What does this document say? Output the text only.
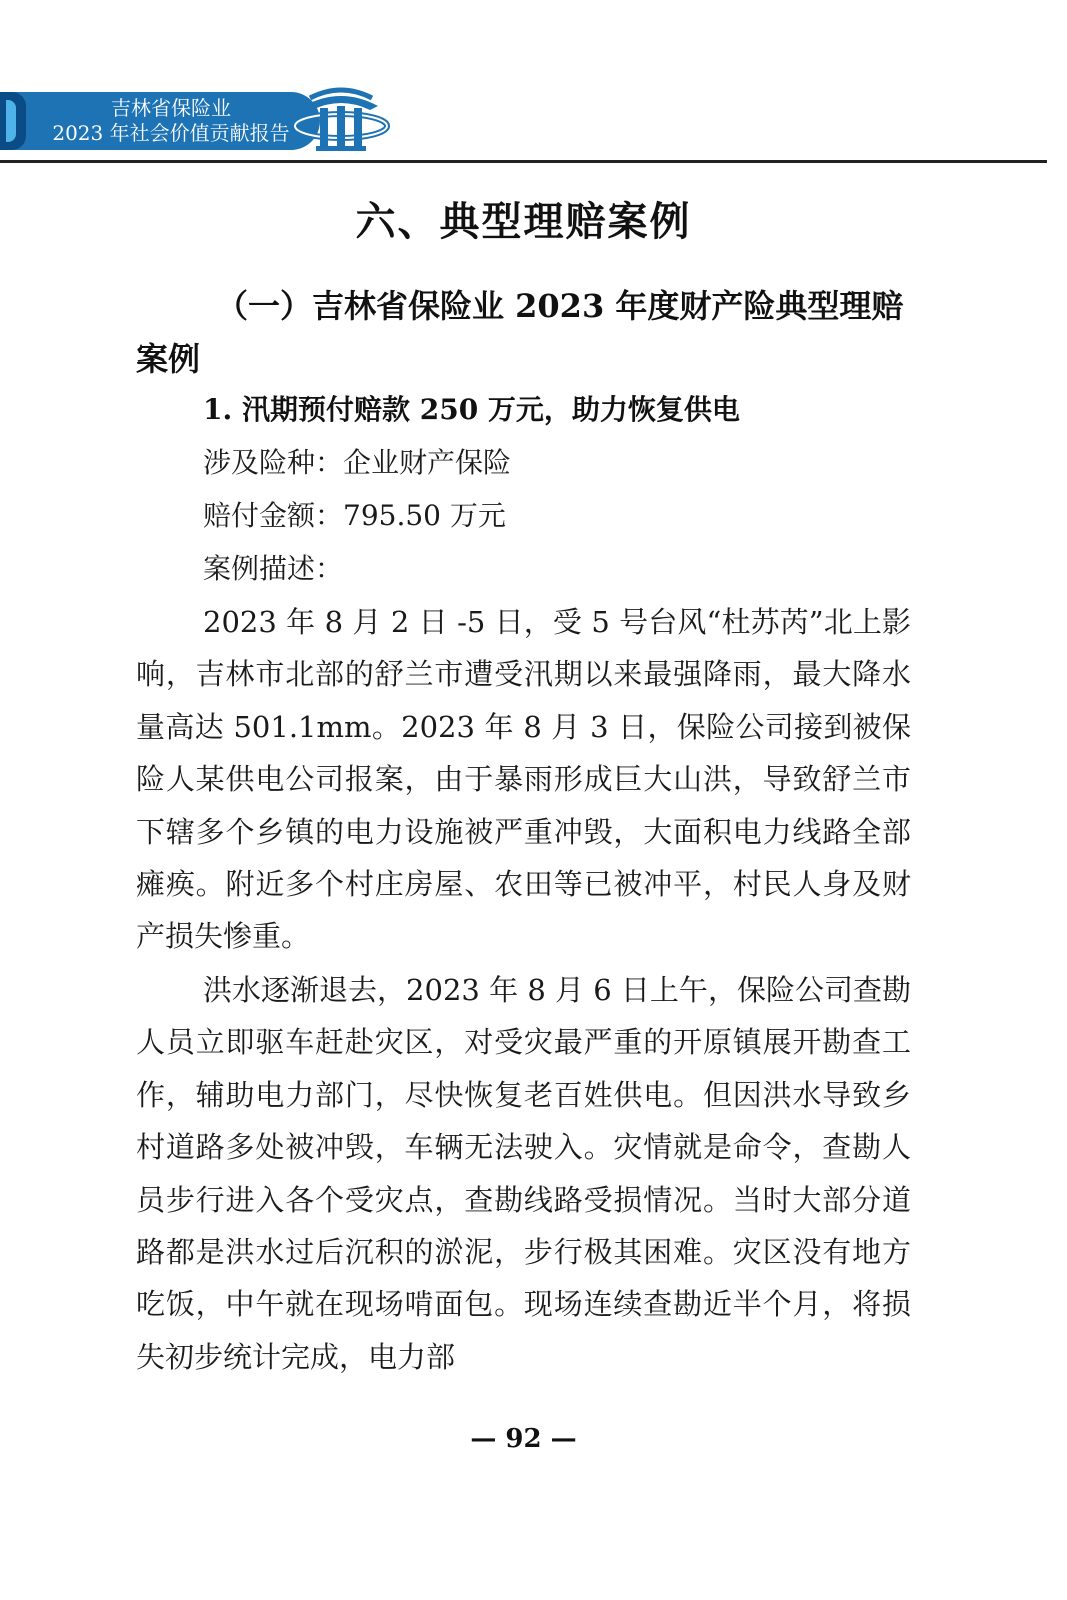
吉林省保险业
2023 年社会价值贡献报告
六、典型理赔案例
（一）吉林省保险业 2023 年度财产险典型理赔案例
1. 汛期预付赔款 250 万元，助力恢复供电
涉及险种：企业财产保险
赔付金额：795.50 万元
案例描述：

2023 年 8 月 2 日 -5 日，受 5 号台风“杜苏芮”北上影响，吉林市北部的舒兰市遭受汛期以来最强降雨，最大降水量高达 501.1mm。2023 年 8 月 3 日，保险公司接到被保险人某供电公司报案，由于暴雨形成巨大山洪，导致舒兰市下辖多个乡镇的电力设施被严重冲毁，大面积电力线路全部瘫痪。附近多个村庄房屋、农田等已被冲平，村民人身及财产损失惨重。

洪水逐渐退去，2023 年 8 月 6 日上午，保险公司查勘人员立即驱车赶赴灾区，对受灾最严重的开原镇展开勘查工作，辅助电力部门，尽快恢复老百姓供电。但因洪水导致乡村道路多处被冲毁，车辆无法驶入。灾情就是命令，查勘人员步行进入各个受灾点，查勘线路受损情况。当时大部分道路都是洪水过后沉积的淤泥，步行极其困难。灾区没有地方吃饭，中午就在现场啃面包。现场连续查勘近半个月，将损失初步统计完成，电力部

— 92 —
